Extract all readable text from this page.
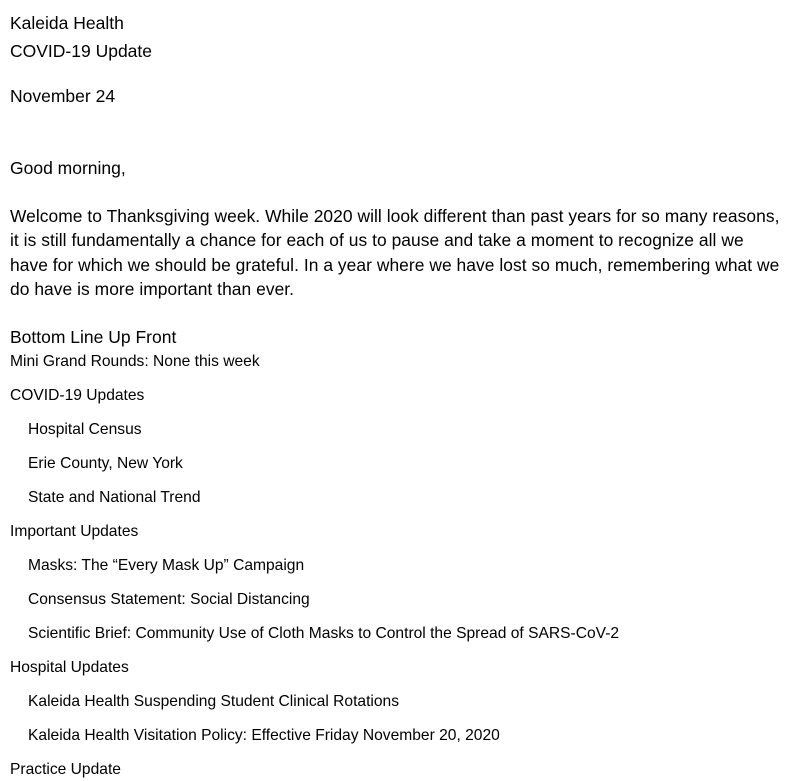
Kaleida Health
COVID-19 Update
November 24
Good morning,
Welcome to Thanksgiving week. While 2020 will look different than past years for so many reasons, it is still fundamentally a chance for each of us to pause and take a moment to recognize all we have for which we should be grateful. In a year where we have lost so much, remembering what we do have is more important than ever.
Bottom Line Up Front
Mini Grand Rounds: None this week
COVID-19 Updates
Hospital Census
Erie County, New York
State and National Trend
Important Updates
Masks: The “Every Mask Up” Campaign
Consensus Statement: Social Distancing
Scientific Brief: Community Use of Cloth Masks to Control the Spread of SARS-CoV-2
Hospital Updates
Kaleida Health Suspending Student Clinical Rotations
Kaleida Health Visitation Policy: Effective Friday November 20, 2020
Practice Update
